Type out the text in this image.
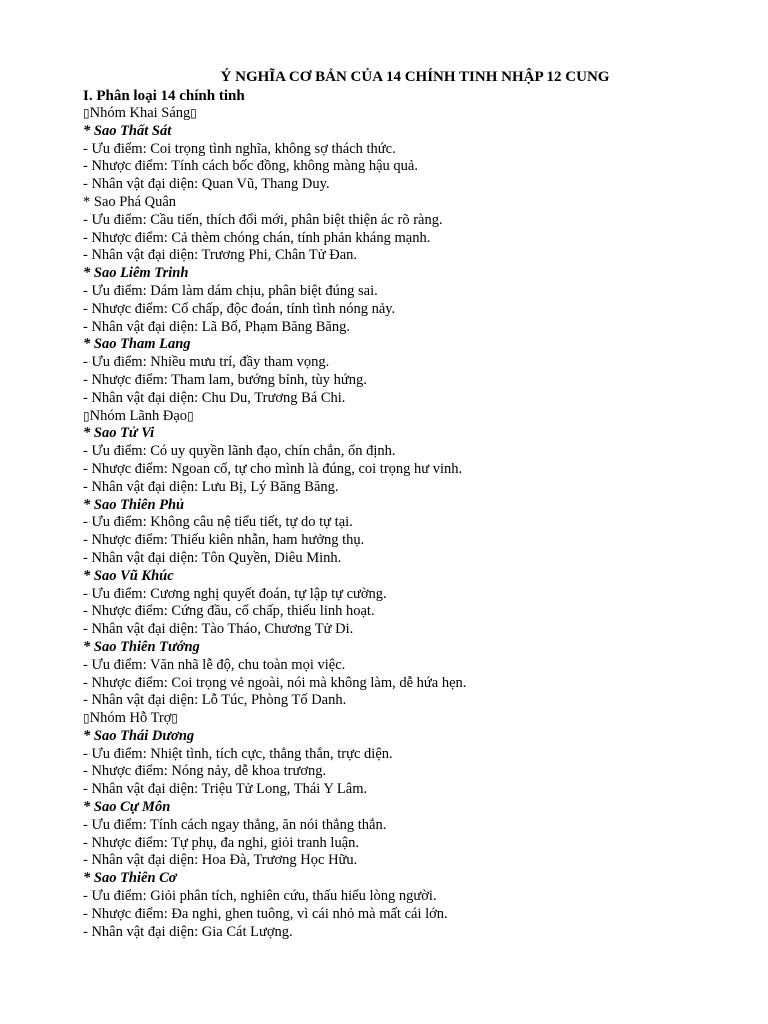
Ý NGHĨA CƠ BẢN CỦA 14 CHÍNH TINH NHẬP 12 CUNG

I. Phân loại 14 chính tinh

▯Nhóm Khai Sáng▯

* Sao Thất Sát

- Ưu điểm: Coi trọng tình nghĩa, không sợ thách thức.

- Nhược điểm: Tính cách bốc đồng, không màng hậu quả.

- Nhân vật đại diện: Quan Vũ, Thang Duy.

* Sao Phá Quân

- Ưu điểm: Cầu tiến, thích đổi mới, phân biệt thiện ác rõ ràng.

- Nhược điểm: Cả thèm chóng chán, tính phản kháng mạnh.

- Nhân vật đại diện: Trương Phi, Chân Tử Đan.

* Sao Liêm Trinh

- Ưu điểm: Dám làm dám chịu, phân biệt đúng sai.

- Nhược điểm: Cố chấp, độc đoán, tính tình nóng nảy.

- Nhân vật đại diện: Lã Bố, Phạm Băng Băng.

* Sao Tham Lang

- Ưu điểm: Nhiều mưu trí, đầy tham vọng.

- Nhược điểm: Tham lam, bướng bỉnh, tùy hứng.

- Nhân vật đại diện: Chu Du, Trương Bá Chi.

▯Nhóm Lãnh Đạo▯

* Sao Tử Vi

- Ưu điểm: Có uy quyền lãnh đạo, chín chắn, ổn định.

- Nhược điểm: Ngoan cố, tự cho mình là đúng, coi trọng hư vinh.

- Nhân vật đại diện: Lưu Bị, Lý Băng Băng.

* Sao Thiên Phủ

- Ưu điểm: Không câu nệ tiểu tiết, tự do tự tại.

- Nhược điểm: Thiếu kiên nhẫn, ham hưởng thụ.

- Nhân vật đại diện: Tôn Quyền, Diêu Minh.

* Sao Vũ Khúc

- Ưu điểm: Cương nghị quyết đoán, tự lập tự cường.

- Nhược điểm: Cứng đầu, cố chấp, thiếu linh hoạt.

- Nhân vật đại diện: Tào Tháo, Chương Tử Di.

* Sao Thiên Tướng

- Ưu điểm: Văn nhã lễ độ, chu toàn mọi việc.

- Nhược điểm: Coi trọng vẻ ngoài, nói mà không làm, dễ hứa hẹn.

- Nhân vật đại diện: Lỗ Túc, Phòng Tố Danh.

▯Nhóm Hỗ Trợ▯

* Sao Thái Dương

- Ưu điểm: Nhiệt tình, tích cực, thẳng thắn, trực diện.

- Nhược điểm: Nóng nảy, dễ khoa trương.

- Nhân vật đại diện: Triệu Tử Long, Thái Y Lâm.

* Sao Cự Môn

- Ưu điểm: Tính cách ngay thẳng, ăn nói thẳng thắn.

- Nhược điểm: Tự phụ, đa nghi, giỏi tranh luận.

- Nhân vật đại diện: Hoa Đà, Trương Học Hữu.

* Sao Thiên Cơ

- Ưu điểm: Giỏi phân tích, nghiên cứu, thấu hiểu lòng người.

- Nhược điểm: Đa nghi, ghen tuông, vì cái nhỏ mà mất cái lớn.

- Nhân vật đại diện: Gia Cát Lượng.
